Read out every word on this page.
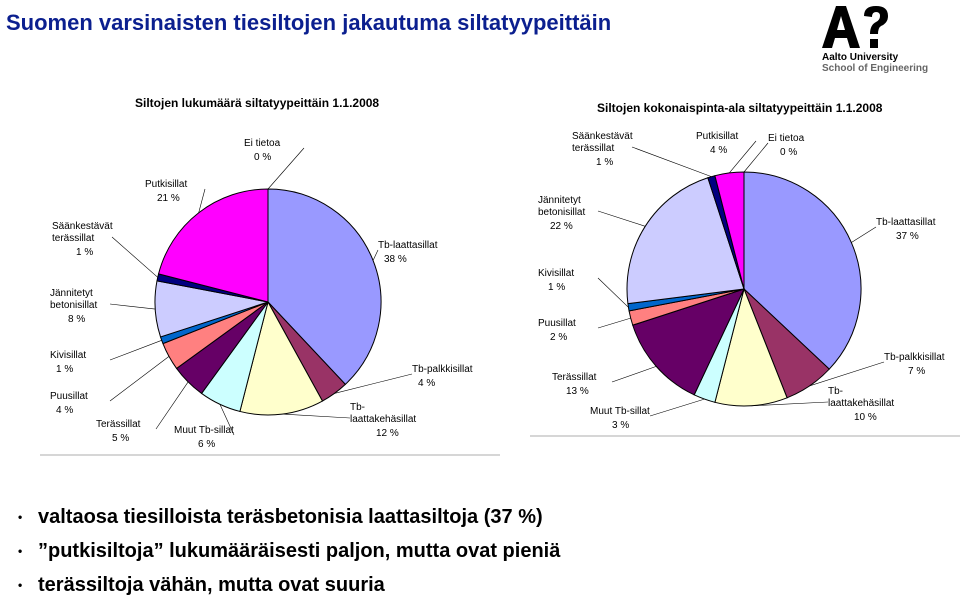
Suomen varsinaisten tiesiltojen jakautuma siltatyypeittäin
Aalto University
School of Engineering
Siltojen lukumäärä siltatyypeittäin 1.1.2008	Siltojen kokonaispinta-ala siltatyypeittäin 1.1.2008
Tb-laattasillat
38 %
Tb-palkkisillat
4 %
Tb-
laattakehäsillat
12 %
Muut Tb-sillat
6 %
Terässillat
5 %
Puusillat
4 %
Kivisillat
1 %
Jännitetyt
betonisillat
8 %
Säänkestävät
terässillat
1 %
Putkisillat
21 %
Ei tietoa
0 %
Tb-laattasillat
37 %
Tb-palkkisillat
7 %
Tb-
laattakehäsillat
10 %
Muut Tb-sillat
3 %
Terässillat
13 %
Puusillat
2 %
Kivisillat
1 %
Jännitetyt
betonisillat
22 %
Säänkestävät
terässillat
1 %
Putkisillat
4 %
Ei tietoa
0 %
• valtaosa tiesilloista teräsbetonisia laattasiltoja (37 %)
• ”putkisiltoja” lukumääräisesti paljon, mutta ovat pieniä
• terässiltoja vähän, mutta ovat suuria
